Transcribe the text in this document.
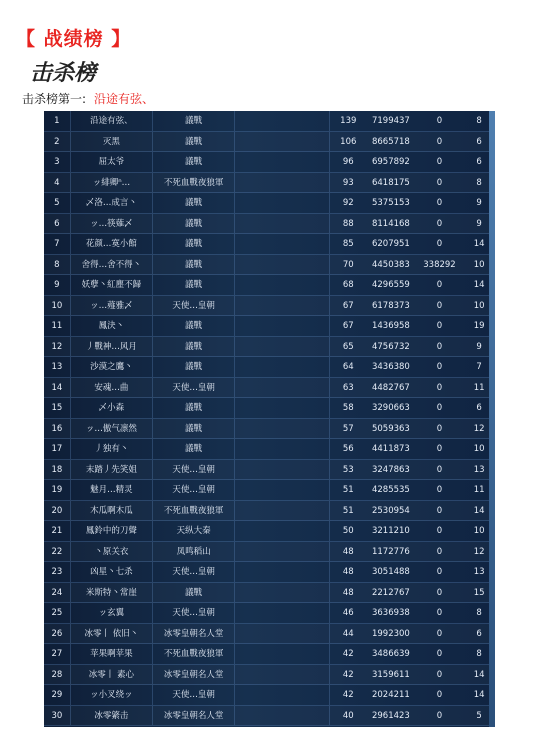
【 战绩榜 】
击杀榜
击杀榜第一: 沿途有弦、
1	沿途有弦、	議戰	139	7199437	0	8
2	灭黑	議戰	106	8665718	0	6
3	屈太爷	議戰	96	6957892	0	6
4	ッ緋卿ⁿ…	不死血戰夜狼軍	93	6418175	0	8
5	乄洛…成言丶	議戰	92	5375153	0	9
6	ッ…筷薙乄	議戰	88	8114168	0	9
7	花颜…寞小館	議戰	85	6207951	0	14
8	舍得…舍不得丶	議戰	70	4450383	338292	10
9	妖孽丶紅塵不歸	議戰	68	4296559	0	14
10	ッ…薤雅乄	天使…皇朝	67	6178373	0	10
11	鳳決丶	議戰	67	1436958	0	19
12	丿戰神…风月	議戰	65	4756732	0	9
13	沙漠之鷹丶	議戰	64	3436380	0	7
14	安魂…曲	天使…皇朝	63	4482767	0	11
15	乄小森	議戰	58	3290663	0	6
16	ッ…傲气凛然	議戰	57	5059363	0	12
17	丿独有丶	議戰	56	4411873	0	10
18	末踏丿先笑姐	天使…皇朝	53	3247863	0	13
19	魅月…精灵	天使…皇朝	51	4285535	0	11
20	木瓜啊木瓜	不死血戰夜狼軍	51	2530954	0	14
21	鳳鈴中的刀聲	天纵大秦	50	3211210	0	10
22	丶原关衣	凤鸣稻山	48	1172776	0	12
23	凶星丶七杀	天使…皇朝	48	3051488	0	13
24	米斯特丶常崖	議戰	48	2212767	0	15
25	ッ玄翼	天使…皇朝	46	3636938	0	8
26	冰零丨 依旧丶	冰零皇朝名人堂	44	1992300	0	6
27	苹果啊苹果	不死血戰夜狼軍	42	3486639	0	8
28	冰零丨 素心	冰零皇朝名人堂	42	3159611	0	14
29	ッ小叉绕ッ	天使…皇朝	42	2024211	0	14
30	冰零綮击	冰零皇朝名人堂	40	2961423	0	5
